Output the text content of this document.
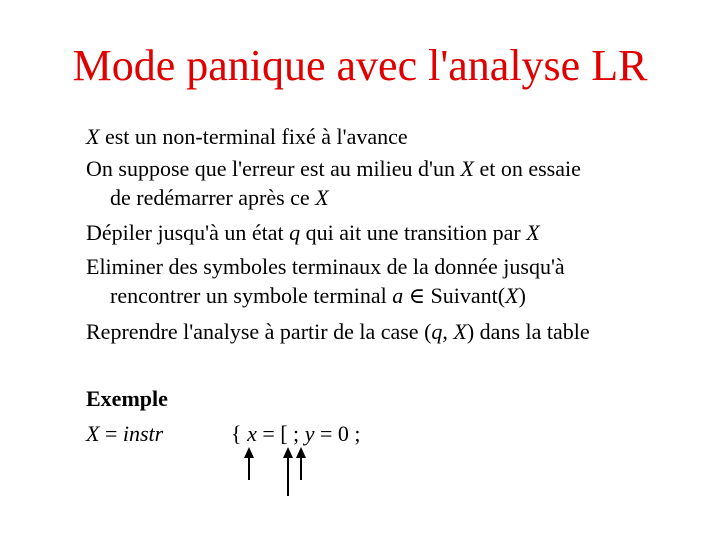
Mode panique avec l'analyse LR
X est un non-terminal fixé à l'avance
On suppose que l'erreur est au milieu d'un X et on essaie
de redémarrer après ce X
Dépiler jusqu'à un état q qui ait une transition par X
Eliminer des symboles terminaux de la donnée jusqu'à
rencontrer un symbole terminal a ∈ Suivant(X)
Reprendre l'analyse à partir de la case (q, X) dans la table
Exemple
X = instr	{ x = [ ; y = 0 ;
